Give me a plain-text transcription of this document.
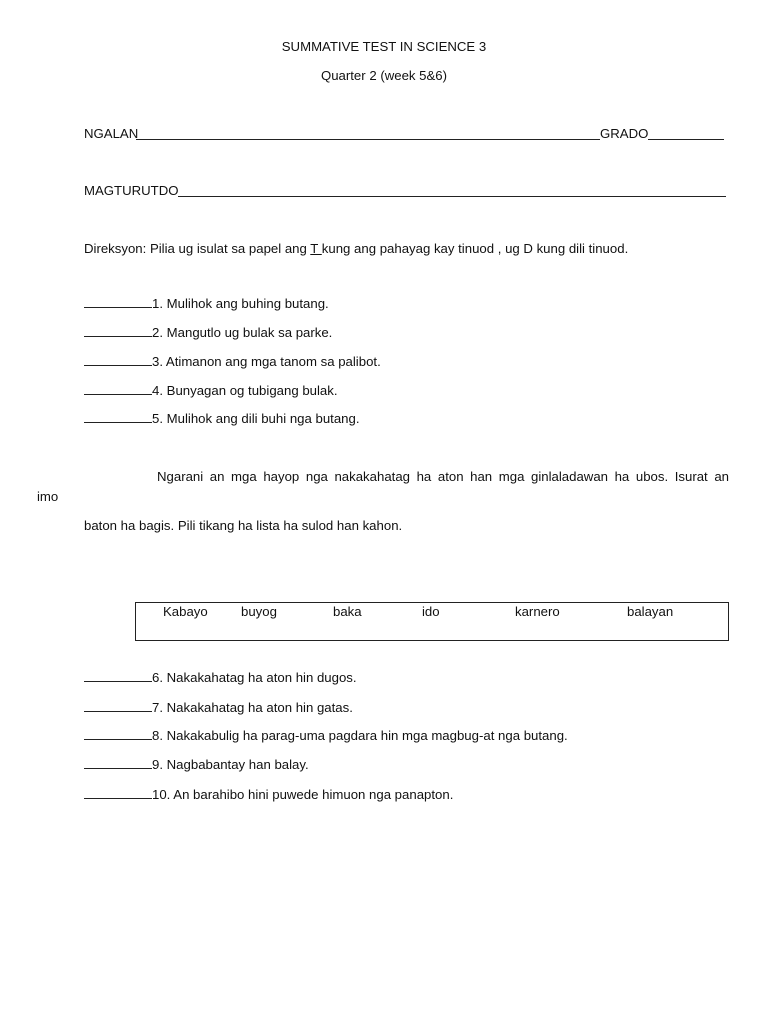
SUMMATIVE TEST IN SCIENCE 3
Quarter 2 (week 5&6)
NGALAN	GRADO
MAGTURUTDO
Direksyon: Pilia ug isulat sa papel ang T kung ang pahayag kay tinuod , ug D kung dili tinuod.
1. Mulihok ang buhing butang.
2. Mangutlo ug bulak sa parke.
3. Atimanon ang mga tanom sa palibot.
4. Bunyagan og tubigang bulak.
5. Mulihok ang dili buhi nga butang.
Ngarani an mga hayop nga nakakahatag ha aton han mga ginlaladawan ha ubos. Isurat an
imo
baton ha bagis. Pili tikang ha lista ha sulod han kahon.
Kabayo	buyog	baka	ido	karnero	balayan
6. Nakakahatag ha aton hin dugos.
7. Nakakahatag ha aton hin gatas.
8. Nakakabulig ha parag-uma pagdara hin mga magbug-at nga butang.
9. Nagbabantay han balay.
10. An barahibo hini puwede himuon nga panapton.
